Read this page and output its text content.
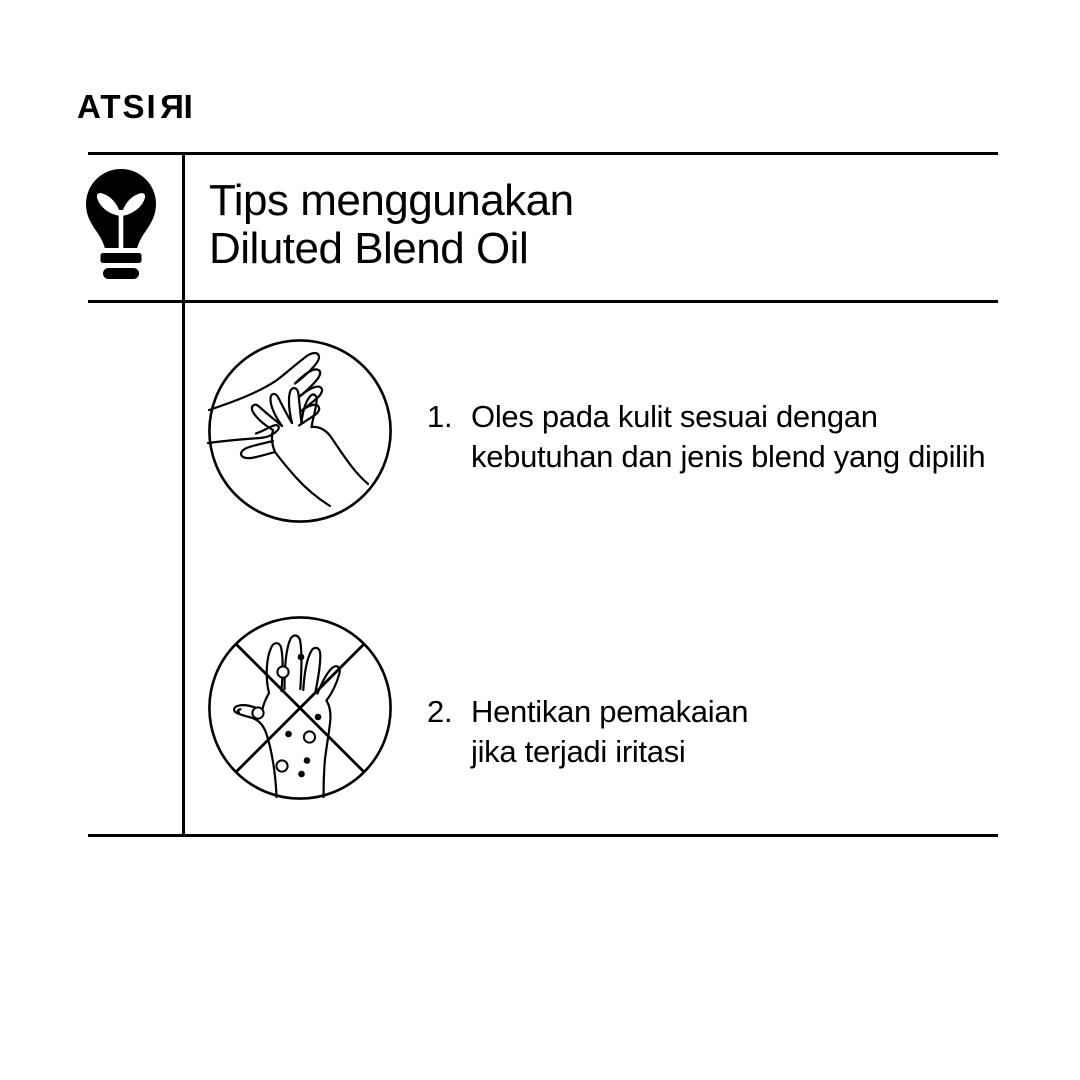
ATSIRI
Tips menggunakan
Diluted Blend Oil
1. Oles pada kulit sesuai dengan
kebutuhan dan jenis blend yang dipilih
2. Hentikan pemakaian
jika terjadi iritasi
